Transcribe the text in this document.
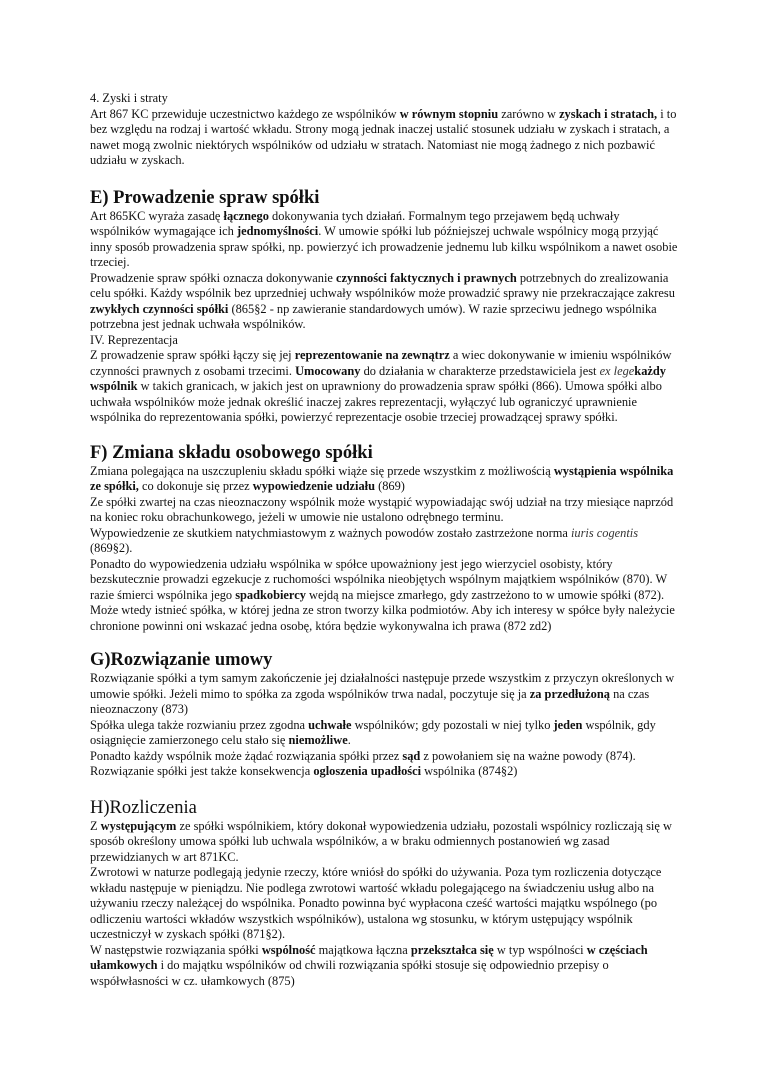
4. Zyski i straty

Art 867 KC przewiduje uczestnictwo każdego ze wspólników w równym stopniu zarówno w zyskach i stratach, i to bez względu na rodzaj i wartość wkładu. Strony mogą jednak inaczej ustalić stosunek udziału w zyskach i stratach, a nawet mogą zwolnic niektórych wspólników od udziału w stratach. Natomiast nie mogą żadnego z nich pozbawić udziału w zyskach.

E) Prowadzenie spraw spółki

Art 865KC wyraża zasadę łącznego dokonywania tych działań. Formalnym tego przejawem będą uchwały wspólników wymagające ich jednomyślności. W umowie spółki lub późniejszej uchwale wspólnicy mogą przyjąć inny sposób prowadzenia spraw spółki, np. powierzyć ich prowadzenie jednemu lub kilku wspólnikom a nawet osobie trzeciej.

Prowadzenie spraw spółki oznacza dokonywanie czynności faktycznych i prawnych potrzebnych do zrealizowania celu spółki. Każdy wspólnik bez uprzedniej uchwały wspólników może prowadzić sprawy nie przekraczające zakresu zwykłych czynności spółki (865§2 - np zawieranie standardowych umów). W razie sprzeciwu jednego wspólnika potrzebna jest jednak uchwała wspólników.

IV. Reprezentacja

Z prowadzenie spraw spółki łączy się jej reprezentowanie na zewnątrz a wiec dokonywanie w imieniu wspólników czynności prawnych z osobami trzecimi. Umocowany do działania w charakterze przedstawiciela jest ex legekażdy wspólnik w takich granicach, w jakich jest on uprawniony do prowadzenia spraw spółki (866). Umowa spółki albo uchwała wspólników może jednak określić inaczej zakres reprezentacji, wyłączyć lub ograniczyć uprawnienie wspólnika do reprezentowania spółki, powierzyć reprezentacje osobie trzeciej prowadzącej sprawy spółki.

F) Zmiana składu osobowego spółki

Zmiana polegająca na uszczupleniu składu spółki wiąże się przede wszystkim z możliwością wystąpienia wspólnika ze spółki, co dokonuje się przez wypowiedzenie udziału (869)

Ze spółki zwartej na czas nieoznaczony wspólnik może wystąpić wypowiadając swój udział na trzy miesiące naprzód na koniec roku obrachunkowego, jeżeli w umowie nie ustalono odrębnego terminu.

Wypowiedzenie ze skutkiem natychmiastowym z ważnych powodów zostało zastrzeżone norma iuris cogentis (869§2).

Ponadto do wypowiedzenia udziału wspólnika w spółce upoważniony jest jego wierzyciel osobisty, który bezskutecznie prowadzi egzekucje z ruchomości wspólnika nieobjętych wspólnym majątkiem wspólników (870). W razie śmierci wspólnika jego spadkobiercy wejdą na miejsce zmarłego, gdy zastrzeżono to w umowie spółki (872). Może wtedy istnieć spółka, w której jedna ze stron tworzy kilka podmiotów. Aby ich interesy w spółce były należycie chronione powinni oni wskazać jedna osobę, która będzie wykonywalna ich prawa (872 zd2)

G)Rozwiązanie umowy

Rozwiązanie spółki a tym samym zakończenie jej działalności następuje przede wszystkim z przyczyn określonych w umowie spółki. Jeżeli mimo to spółka za zgoda wspólników trwa nadal, poczytuje się ja za przedłużoną na czas nieoznaczony (873)

Spółka ulega także rozwianiu przez zgodna uchwałe wspólników; gdy pozostali w niej tylko jeden wspólnik, gdy osiągnięcie zamierzonego celu stało się niemożliwe.

Ponadto każdy wspólnik może żądać rozwiązania spółki przez sąd z powołaniem się na ważne powody (874).

Rozwiązanie spółki jest także konsekwencja ogloszenia upadłości wspólnika (874§2)

H)Rozliczenia

Z występującym ze spółki wspólnikiem, który dokonał wypowiedzenia udziału, pozostali wspólnicy rozliczają się w sposób określony umowa spółki lub uchwala wspólników, a w braku odmiennych postanowień wg zasad przewidzianych w art 871KC.

Zwrotowi w naturze podlegają jedynie rzeczy, które wniósł do spółki do używania. Poza tym rozliczenia dotyczące wkładu następuje w pieniądzu. Nie podlega zwrotowi wartość wkładu polegającego na świadczeniu usług albo na używaniu rzeczy należącej do wspólnika. Ponadto powinna być wypłacona cześć wartości majątku wspólnego (po odliczeniu wartości wkładów wszystkich wspólników), ustalona wg stosunku, w którym ustępujący wspólnik uczestniczył w zyskach spółki (871§2).

W następstwie rozwiązania spółki wspólność majątkowa łączna przekształca się w typ wspólności w częściach ułamkowych i do majątku wspólników od chwili rozwiązania spółki stosuje się odpowiednio przepisy o współwłasności w cz. ułamkowych (875)
